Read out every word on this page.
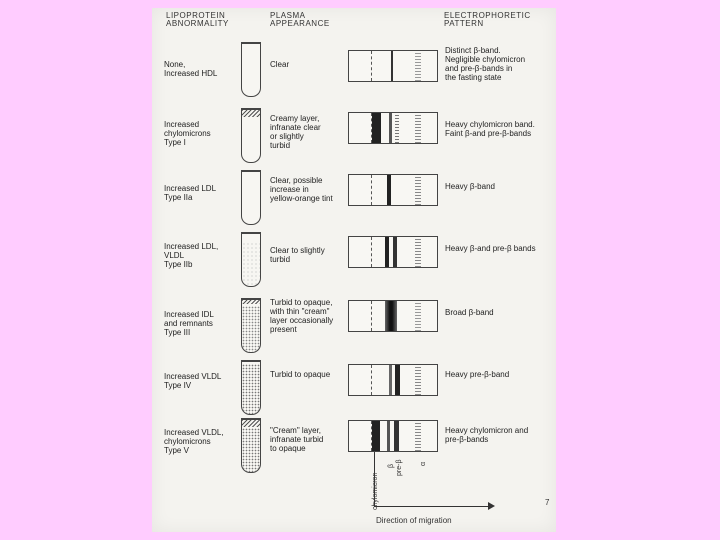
LIPOPROTEIN
ABNORMALITY
PLASMA
APPEARANCE
ELECTROPHORETIC
PATTERN
None,
Increased HDL
Clear
Distinct β-band.
Negligible chylomicron
and pre-β-bands in
the fasting state
Increased
chylomicrons
Type I
Creamy layer,
infranate clear
or slightly
turbid
Heavy chylomicron band.
Faint β-and pre-β-bands
Increased LDL
Type IIa
Clear, possible
increase in
yellow-orange tint
Heavy β-band
Increased LDL,
VLDL
Type IIb
Clear to slightly
turbid
Heavy β-and pre-β bands
Increased IDL
and remnants
Type III
Turbid to opaque,
with thin "cream"
layer occasionally
present
Broad β-band
Increased VLDL
Type IV
Turbid to opaque	Heavy pre-β-band
Increased VLDL,
chylomicrons
Type V
"Cream" layer,
infranate turbid
to opaque
Heavy chylomicron and
pre-β-bands
chylomicron
β pre-β α
Direction of migration
7
